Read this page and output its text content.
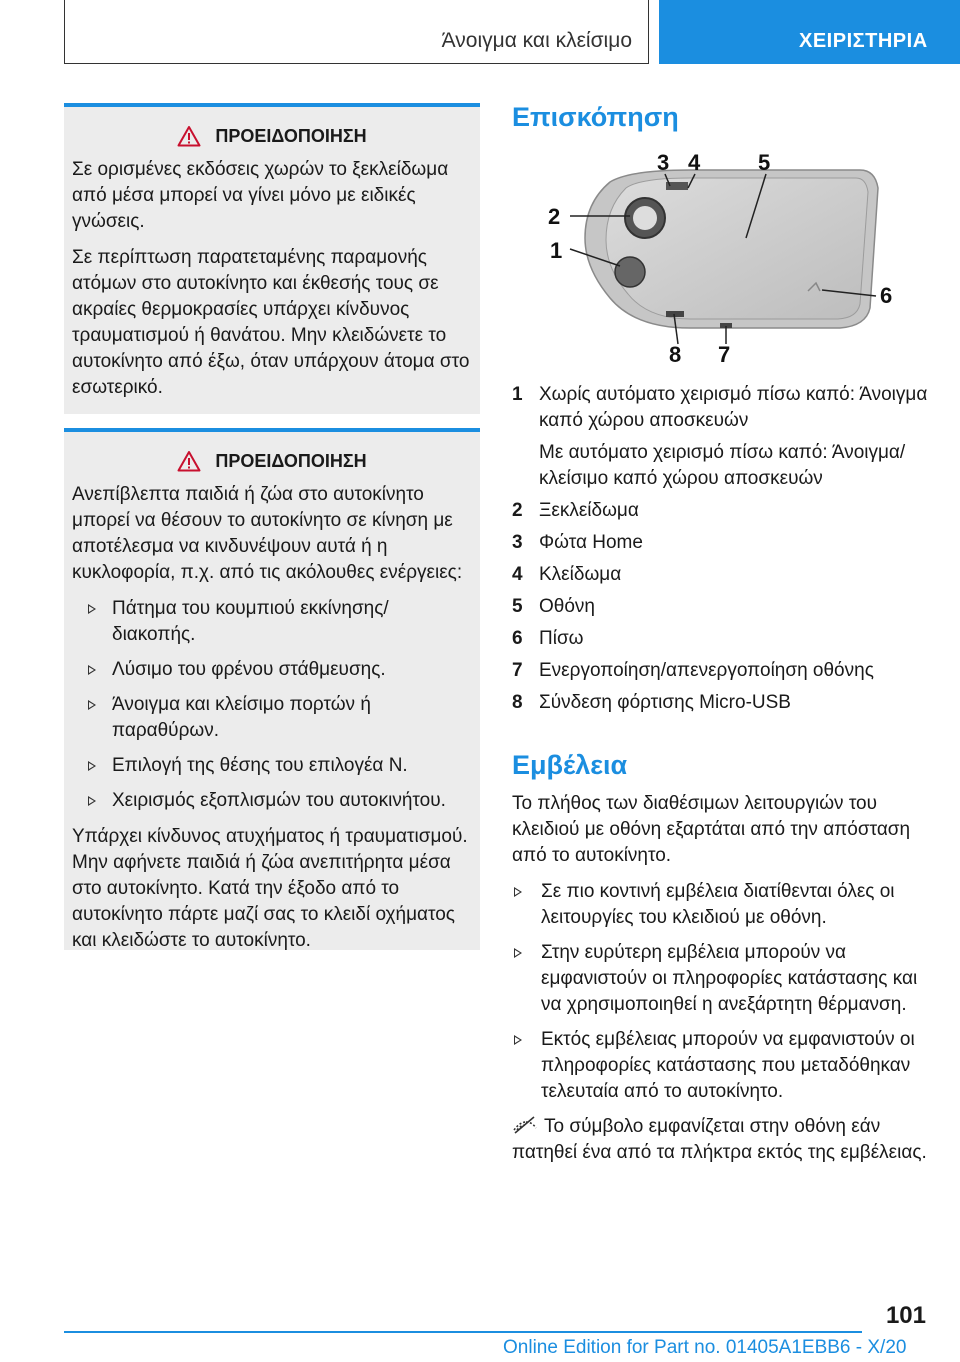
Άνοιγμα και κλείσιμο	ΧΕΙΡΙΣΤΗΡΙΑ
ΠΡΟΕΙΔΟΠΟΙΗΣΗ

Σε ορισμένες εκδόσεις χωρών το ξεκλείδωμα από μέσα μπορεί να γίνει μόνο με ειδικές γνώσεις.

Σε περίπτωση παρατεταμένης παραμονής ατόμων στο αυτοκίνητο και έκθεσής τους σε ακραίες θερμοκρασίες υπάρχει κίνδυνος τραυματισμού ή θανάτου. Μην κλειδώνετε το αυτοκίνητο από έξω, όταν υπάρχουν άτομα στο εσωτερικό.

ΠΡΟΕΙΔΟΠΟΙΗΣΗ

Ανεπίβλεπτα παιδιά ή ζώα στο αυτοκίνητο μπορεί να θέσουν το αυτοκίνητο σε κίνηση με αποτέλεσμα να κινδυνέψουν αυτά ή η κυκλοφορία, π.χ. από τις ακόλουθες ενέργειες:

Πάτημα του κουμπιού εκκίνησης/διακοπής.
Λύσιμο του φρένου στάθμευσης.
Άνοιγμα και κλείσιμο πορτών ή παραθύρων.
Επιλογή της θέσης του επιλογέα N.
Χειρισμός εξοπλισμών του αυτοκινήτου.

Υπάρχει κίνδυνος ατυχήματος ή τραυματισμού. Μην αφήνετε παιδιά ή ζώα ανεπιτήρητα μέσα στο αυτοκίνητο. Κατά την έξοδο από το αυτοκίνητο πάρτε μαζί σας το κλειδί οχήματος και κλειδώστε το αυτοκίνητο.

Επισκόπηση
1
2
3 4	5
6
7
8
1 Χωρίς αυτόματο χειρισμό πίσω καπό: Άνοιγμα καπό χώρου αποσκευών
Με αυτόματο χειρισμό πίσω καπό: Άνοιγμα/κλείσιμο καπό χώρου αποσκευών
2 Ξεκλείδωμα
3 Φώτα Home
4 Κλείδωμα
5 Οθόνη
6 Πίσω
7 Ενεργοποίηση/απενεργοποίηση οθόνης
8 Σύνδεση φόρτισης Micro-USB
Εμβέλεια

Το πλήθος των διαθέσιμων λειτουργιών του κλειδιού με οθόνη εξαρτάται από την απόσταση από το αυτοκίνητο.

Σε πιο κοντινή εμβέλεια διατίθενται όλες οι λειτουργίες του κλειδιού με οθόνη.
Στην ευρύτερη εμβέλεια μπορούν να εμφανιστούν οι πληροφορίες κατάστασης και να χρησιμοποιηθεί η ανεξάρτητη θέρμανση.
Εκτός εμβέλειας μπορούν να εμφανιστούν οι πληροφορίες κατάστασης που μεταδόθηκαν τελευταία από το αυτοκίνητο.

Το σύμβολο εμφανίζεται στην οθόνη εάν πατηθεί ένα από τα πλήκτρα εκτός της εμβέλειας.

101
Online Edition for Part no. 01405A1EBB6 - X/20
